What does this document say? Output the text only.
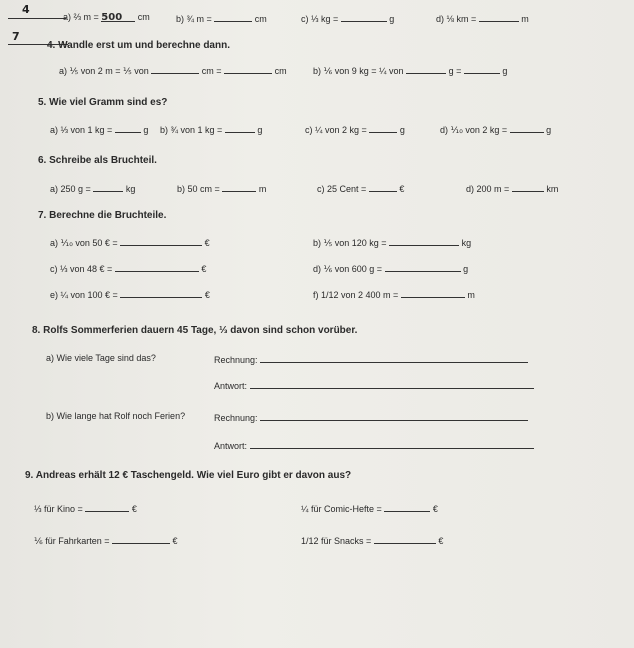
4
7
a) ⅔ m = 500 cm	b) ¾ m =	cm	c) ⅓ kg =	g	d) ⅛ km =	m
4. Wandle erst um und berechne dann.
a) ⅕ von 2 m = ⅕ von	cm =	cm	b) ⅙ von 9 kg = ¼ von	g =	g
5. Wie viel Gramm sind es?
a) ⅓ von 1 kg =	g b) ¾ von 1 kg =	g	c) ¼ von 2 kg =	g	d) ⅒ von 2 kg =	g
6. Schreibe als Bruchteil.
a) 250 g =	kg	b) 50 cm =	m	c) 25 Cent =	€	d) 200 m =	km
7. Berechne die Bruchteile.
a) ⅒ von 50 € =	€	b) ⅕ von 120 kg =	kg
c) ⅓ von 48 € =	€	d) ⅙ von 600 g =	g
e) ¼ von 100 € =	€	f) 1/12 von 2 400 m =	m
8. Rolfs Sommerferien dauern 45 Tage, ⅓ davon sind schon vorüber.
a) Wie viele Tage sind das?	Rechnung:
Antwort:
b) Wie lange hat Rolf noch Ferien?	Rechnung:
Antwort:
9. Andreas erhält 12 € Taschengeld. Wie viel Euro gibt er davon aus?
⅓ für Kino =	€	¼ für Comic-Hefte =	€
⅙ für Fahrkarten =	€	1/12 für Snacks =	€
